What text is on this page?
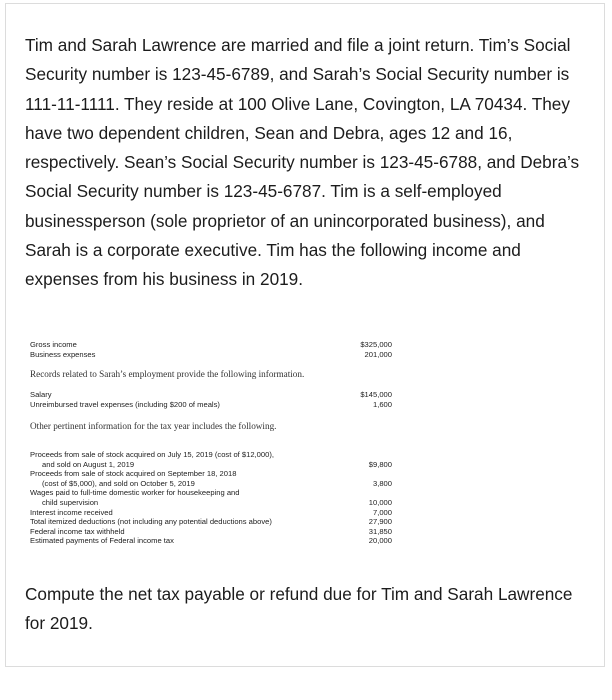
Tim and Sarah Lawrence are married and file a joint return. Tim’s Social Security number is 123-45-6789, and Sarah’s Social Security number is 111-11-1111. They reside at 100 Olive Lane, Covington, LA 70434. They have two dependent children, Sean and Debra, ages 12 and 16, respectively. Sean’s Social Security number is 123-45-6788, and Debra’s Social Security number is 123-45-6787. Tim is a self-employed businessperson (sole proprietor of an unincorporated business), and Sarah is a corporate executive. Tim has the following income and expenses from his business in 2019.

Gross income	$325,000
Business expenses	201,000
Records related to Sarah’s employment provide the following information.
Salary	$145,000
Unreimbursed travel expenses (including $200 of meals)	1,600
Other pertinent information for the tax year includes the following.
Proceeds from sale of stock acquired on July 15, 2019 (cost of $12,000),
and sold on August 1, 2019	$9,800
Proceeds from sale of stock acquired on September 18, 2018
(cost of $5,000), and sold on October 5, 2019	3,800
Wages paid to full-time domestic worker for housekeeping and
child supervision	10,000
Interest income received	7,000
Total itemized deductions (not including any potential deductions above)	27,900
Federal income tax withheld	31,850
Estimated payments of Federal income tax	20,000

Compute the net tax payable or refund due for Tim and Sarah Lawrence for 2019.
